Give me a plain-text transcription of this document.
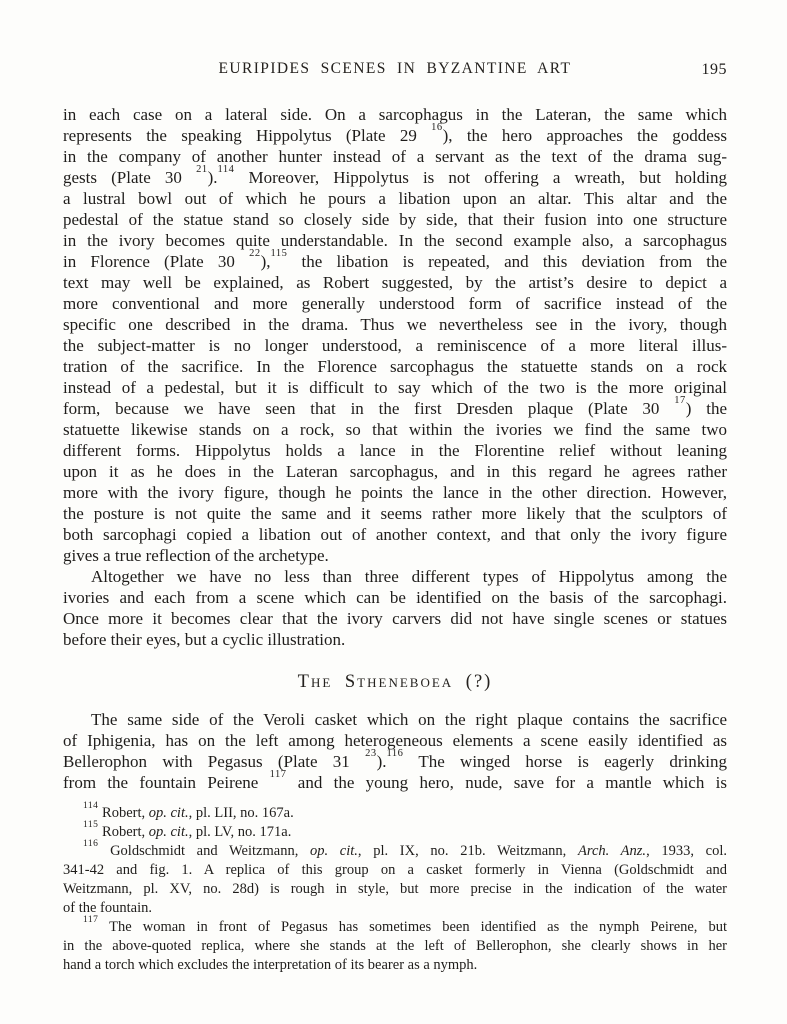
EURIPIDES SCENES IN BYZANTINE ART	195
in each case on a lateral side. On a sarcophagus in the Lateran, the same which
represents the speaking Hippolytus (Plate 29 $^{16}$), the hero approaches the goddess
in the company of another hunter instead of a servant as the text of the drama sug-
gests (Plate 30 $^{21}$).$^{114}$ Moreover, Hippolytus is not offering a wreath, but holding
a lustral bowl out of which he pours a libation upon an altar. This altar and the
pedestal of the statue stand so closely side by side, that their fusion into one structure
in the ivory becomes quite understandable. In the second example also, a sarcophagus
in Florence (Plate 30 $^{22}$),$^{115}$ the libation is repeated, and this deviation from the
text may well be explained, as Robert suggested, by the artist’s desire to depict a
more conventional and more generally understood form of sacrifice instead of the
specific one described in the drama. Thus we nevertheless see in the ivory, though
the subject-matter is no longer understood, a reminiscence of a more literal illus-
tration of the sacrifice. In the Florence sarcophagus the statuette stands on a rock
instead of a pedestal, but it is difficult to say which of the two is the more original
form, because we have seen that in the first Dresden plaque (Plate 30 $^{17}$) the
statuette likewise stands on a rock, so that within the ivories we find the same two
different forms. Hippolytus holds a lance in the Florentine relief without leaning
upon it as he does in the Lateran sarcophagus, and in this regard he agrees rather
more with the ivory figure, though he points the lance in the other direction. However,
the posture is not quite the same and it seems rather more likely that the sculptors of
both sarcophagi copied a libation out of another context, and that only the ivory figure
gives a true reflection of the archetype.
Altogether we have no less than three different types of Hippolytus among the
ivories and each from a scene which can be identified on the basis of the sarcophagi.
Once more it becomes clear that the ivory carvers did not have single scenes or statues
before their eyes, but a cyclic illustration.
The Stheneboea (?)
The same side of the Veroli casket which on the right plaque contains the sacrifice
of Iphigenia, has on the left among heterogeneous elements a scene easily identified as
Bellerophon with Pegasus (Plate 31 $^{23}$).$^{116}$ The winged horse is eagerly drinking
from the fountain Peirene $^{117}$ and the young hero, nude, save for a mantle which is
$^{114}$ Robert, op. cit., pl. LII, no. 167a.
$^{115}$ Robert, op. cit., pl. LV, no. 171a.
$^{116}$ Goldschmidt and Weitzmann, op. cit., pl. IX, no. 21b. Weitzmann, Arch. Anz., 1933, col.
341-42 and fig. 1. A replica of this group on a casket formerly in Vienna (Goldschmidt and
Weitzmann, pl. XV, no. 28d) is rough in style, but more precise in the indication of the water
of the fountain.
$^{117}$ The woman in front of Pegasus has sometimes been identified as the nymph Peirene, but
in the above-quoted replica, where she stands at the left of Bellerophon, she clearly shows in her
hand a torch which excludes the interpretation of its bearer as a nymph.
